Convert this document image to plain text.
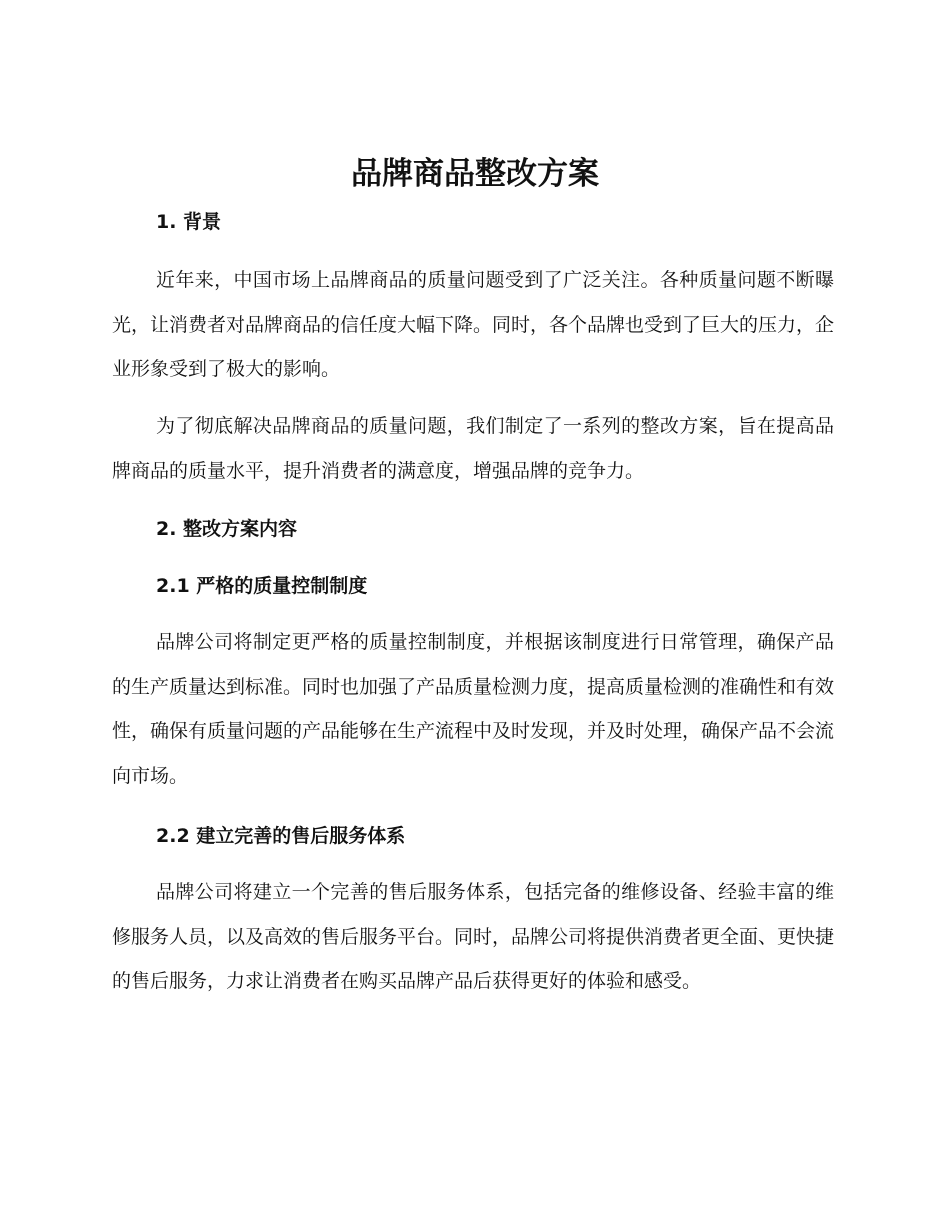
品牌商品整改方案
1. 背景

近年来，中国市场上品牌商品的质量问题受到了广泛关注。各种质量问题不断曝光，让消费者对品牌商品的信任度大幅下降。同时，各个品牌也受到了巨大的压力，企业形象受到了极大的影响。

为了彻底解决品牌商品的质量问题，我们制定了一系列的整改方案，旨在提高品牌商品的质量水平，提升消费者的满意度，增强品牌的竞争力。

2. 整改方案内容
2.1 严格的质量控制制度

品牌公司将制定更严格的质量控制制度，并根据该制度进行日常管理，确保产品的生产质量达到标准。同时也加强了产品质量检测力度，提高质量检测的准确性和有效性，确保有质量问题的产品能够在生产流程中及时发现，并及时处理，确保产品不会流向市场。

2.2 建立完善的售后服务体系

品牌公司将建立一个完善的售后服务体系，包括完备的维修设备、经验丰富的维修服务人员，以及高效的售后服务平台。同时，品牌公司将提供消费者更全面、更快捷的售后服务，力求让消费者在购买品牌产品后获得更好的体验和感受。
